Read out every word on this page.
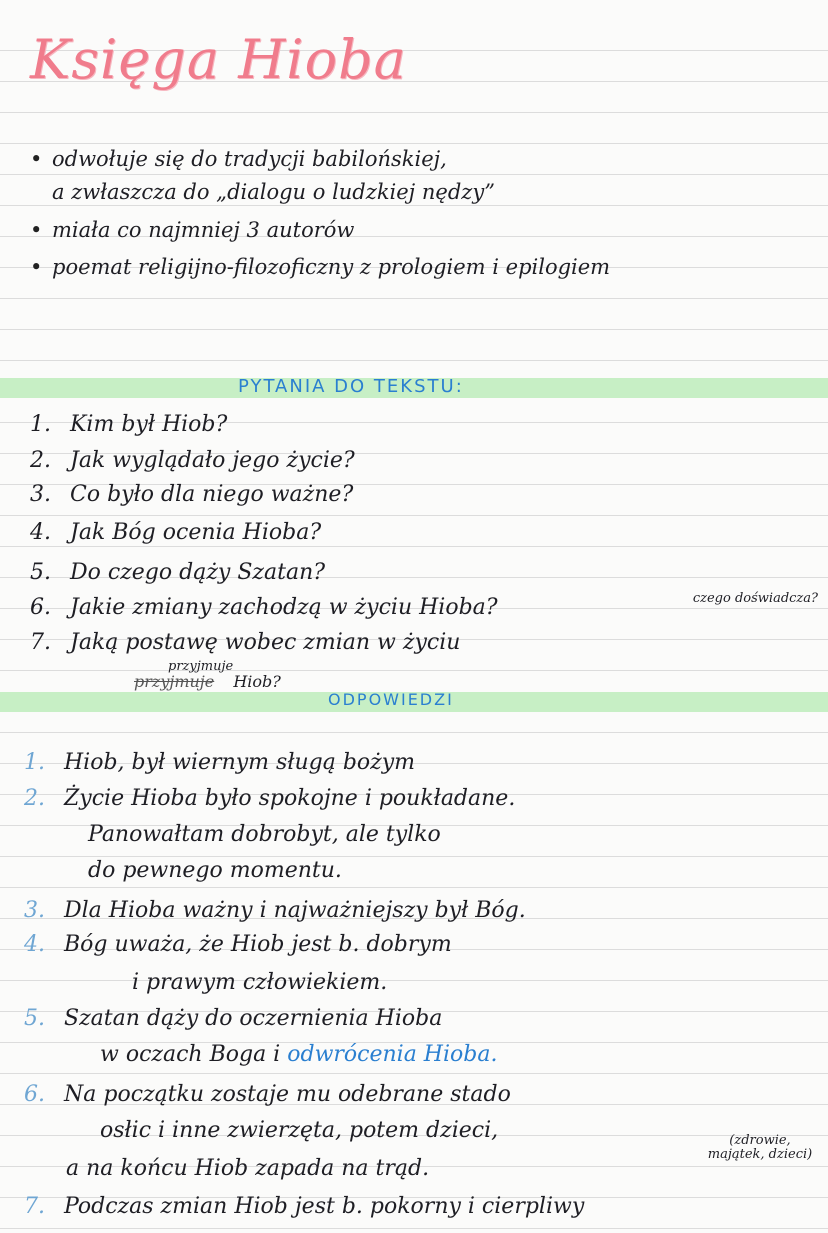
Księga Hioba
• odwołuje się do tradycji babilońskiej,
a zwłaszcza do „dialogu o ludzkiej nędzy”
• miała co najmniej 3 autorów
• poemat religijno-filozoficzny z prologiem i epilogiem
PYTANIA DO TEKSTU:
1. Kim był Hiob?
2. Jak wyglądało jego życie?
3. Co było dla niego ważne?
4. Jak Bóg ocenia Hioba?
5. Do czego dąży Szatan?
6. Jakie zmiany zachodzą w życiu Hioba?	czego doświadcza?
7. Jaką postawę wobec zmian w życiu
przyjmuje
przyjmuje Hiob?
ODPOWIEDZI
1. Hiob, był wiernym sługą bożym
2. Życie Hioba było spokojne i poukładane.
Panowałtam dobrobyt, ale tylko
do pewnego momentu.
3. Dla Hioba ważny i najważniejszy był Bóg.
4. Bóg uważa, że Hiob jest b. dobrym
i prawym człowiekiem.
5. Szatan dąży do oczernienia Hioba
w oczach Boga i odwrócenia Hioba.
6. Na początku zostaje mu odebrane stado
osłic i inne zwierzęta, potem dzieci,
a na końcu Hiob zapada na trąd.
(zdrowie, majątek, dzieci)
7. Podczas zmian Hiob jest b. pokorny i cierpliwy
